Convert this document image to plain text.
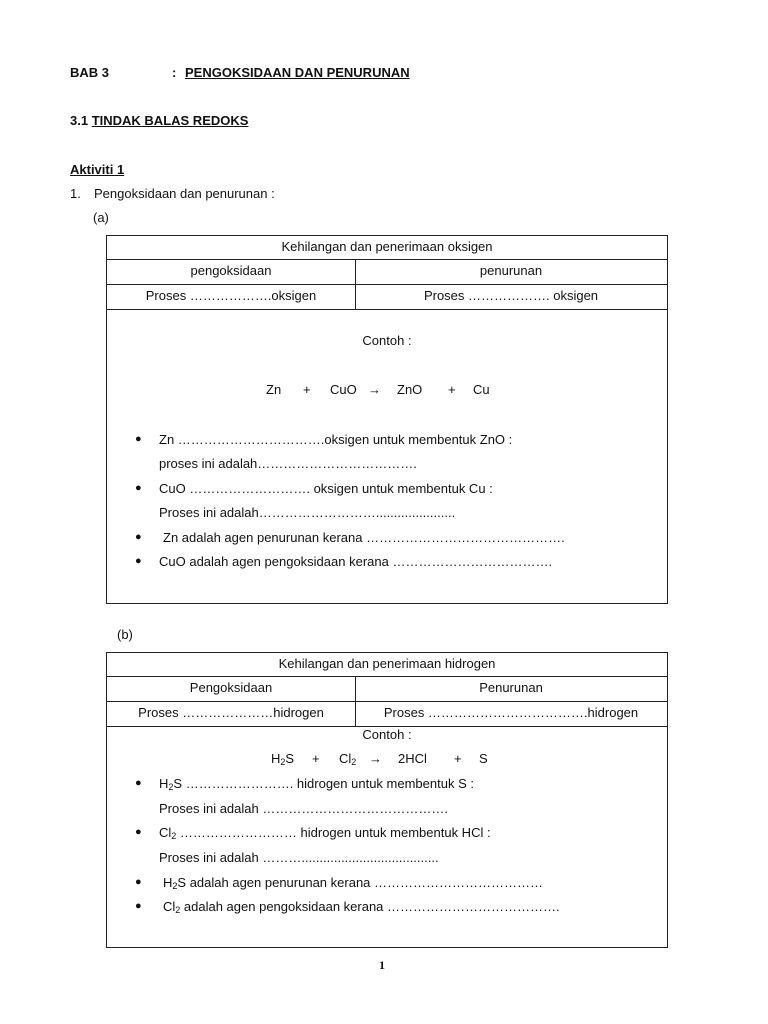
BAB 3	: PENGOKSIDAAN DAN PENURUNAN
3.1 TINDAK BALAS REDOKS
Aktiviti 1
1. Pengoksidaan dan penurunan :
(a)
Kehilangan dan penerimaan oksigen
pengoksidaan	penurunan
Proses ……………….oksigen	Proses ………………. oksigen
Contoh :
Zn + CuO → ZnO + Cu
● Zn …………………………….oksigen untuk membentuk ZnO :
proses ini adalah……………………………….
● CuO ………………………. oksigen untuk membentuk Cu :
Proses ini adalah………………………......................
● Zn adalah agen penurunan kerana ……………………………………….
● CuO adalah agen pengoksidaan kerana ……………………………….
(b)
Kehilangan dan penerimaan hidrogen
Pengoksidaan	Penurunan
Proses …………………hidrogen	Proses ……………………………….hidrogen
Contoh :
$H_2S + Cl_2 \to 2HCl + S$
● $H_2S$ ……………………. hidrogen untuk membentuk S :
Proses ini adalah …………………………………….
● $Cl_2$ ……………………… hidrogen untuk membentuk HCl :
Proses ini adalah ………......................................
● $H_2S$ adalah agen penurunan kerana …………………………………
● $Cl_2$ adalah agen pengoksidaan kerana ………………………………….
1
